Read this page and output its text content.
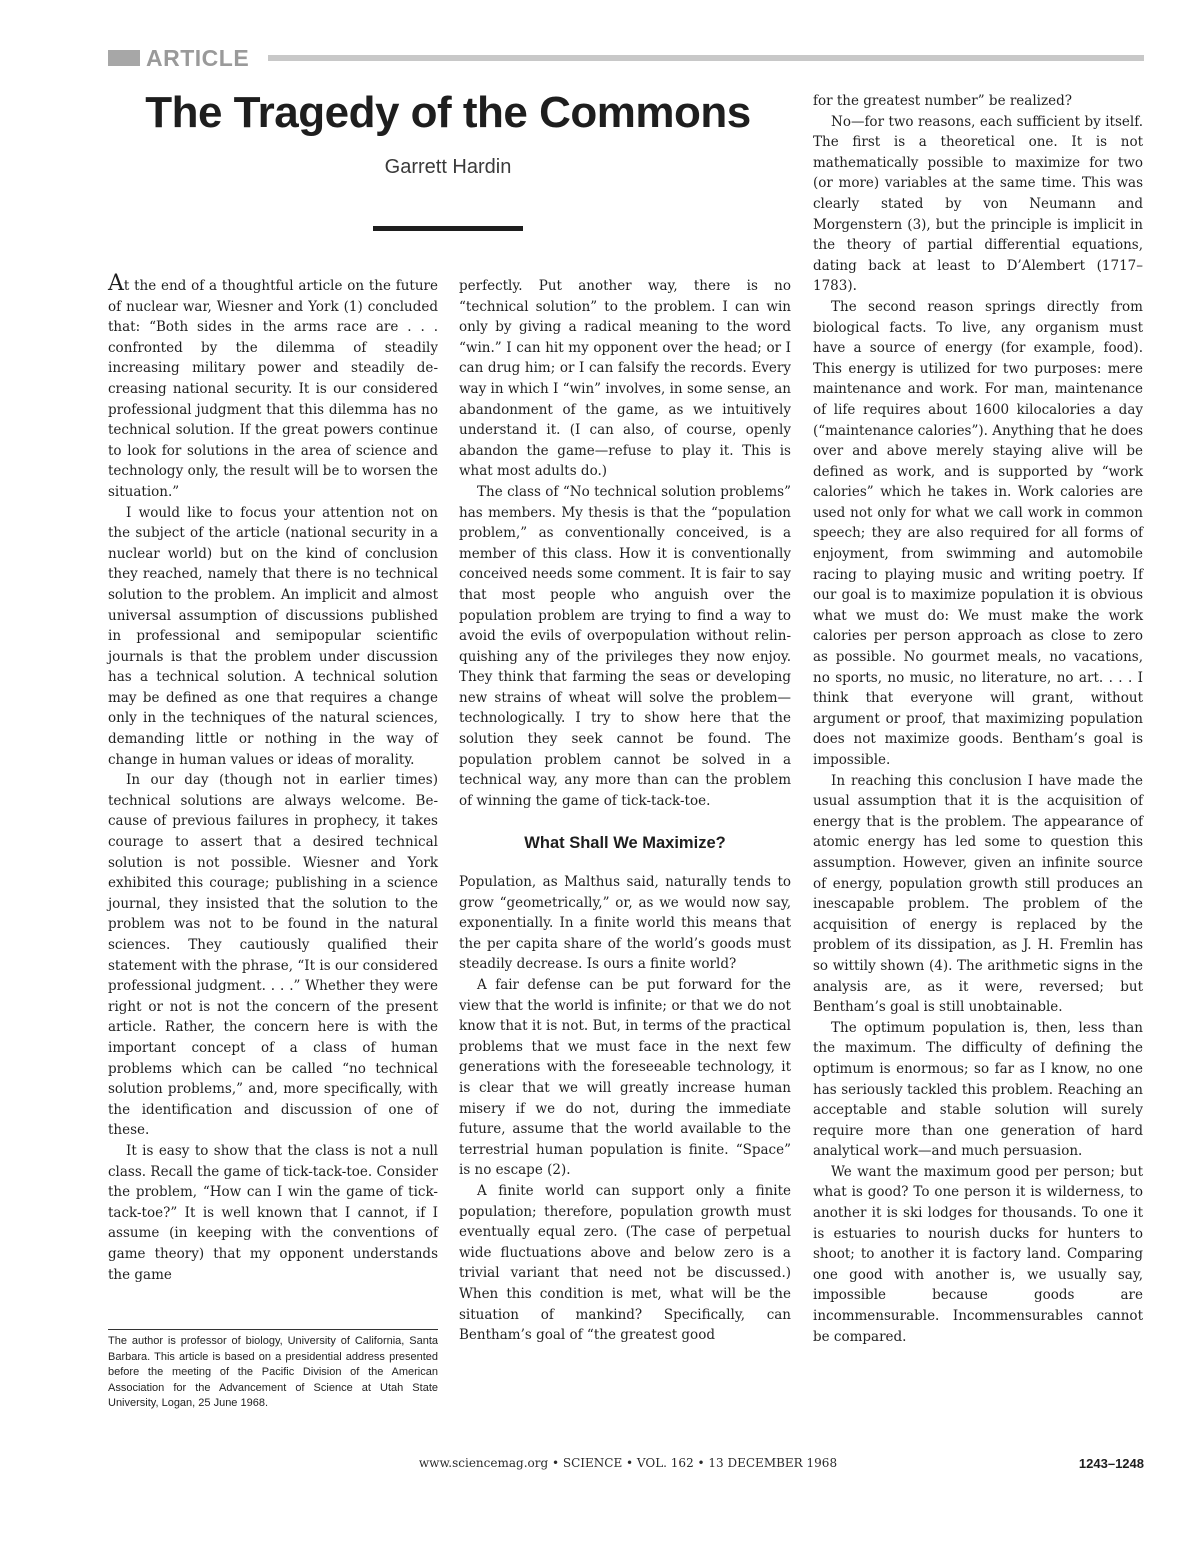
ARTICLE
The Tragedy of the Commons
Garrett Hardin

At the end of a thoughtful article on the future of nuclear war, Wiesner and York (1) concluded that: “Both sides in the arms race are . . . confronted by the dilemma of steadily increasing military power and steadily decreasing national security. It is our considered professional judgment that this dilemma has no technical solution. If the great powers continue to look for solutions in the area of science and technology only, the result will be to worsen the situation.”

I would like to focus your attention not on the subject of the article (national security in a nuclear world) but on the kind of conclusion they reached, namely that there is no technical solution to the problem. An implicit and almost universal assumption of discussions published in professional and semipopular scientific journals is that the problem under discussion has a technical solution. A technical solution may be defined as one that requires a change only in the techniques of the natural sciences, demanding little or nothing in the way of change in human values or ideas of morality.

In our day (though not in earlier times) technical solutions are always welcome. Because of previous failures in prophecy, it takes courage to assert that a desired technical solution is not possible. Wiesner and York exhibited this courage; publishing in a science journal, they insisted that the solution to the problem was not to be found in the natural sciences. They cautiously qualified their statement with the phrase, “It is our considered professional judgment. . . .” Whether they were right or not is not the concern of the present article. Rather, the concern here is with the important concept of a class of human problems which can be called “no technical solution problems,” and, more specifically, with the identification and discussion of one of these.

It is easy to show that the class is not a null class. Recall the game of tick-tack-toe. Consider the problem, “How can I win the game of tick-tack-toe?” It is well known that I cannot, if I assume (in keeping with the conventions of game theory) that my opponent understands the game

The author is professor of biology, University of California, Santa Barbara. This article is based on a presidential address presented before the meeting of the Pacific Division of the American Association for the Advancement of Science at Utah State University, Logan, 25 June 1968.

perfectly. Put another way, there is no “technical solution” to the problem. I can win only by giving a radical meaning to the word “win.” I can hit my opponent over the head; or I can drug him; or I can falsify the records. Every way in which I “win” involves, in some sense, an abandonment of the game, as we intuitively understand it. (I can also, of course, openly abandon the game—refuse to play it. This is what most adults do.)

The class of “No technical solution problems” has members. My thesis is that the “population problem,” as conventionally conceived, is a member of this class. How it is conventionally conceived needs some comment. It is fair to say that most people who anguish over the population problem are trying to find a way to avoid the evils of overpopulation without relinquishing any of the privileges they now enjoy. They think that farming the seas or developing new strains of wheat will solve the problem—technologically. I try to show here that the solution they seek cannot be found. The population problem cannot be solved in a technical way, any more than can the problem of winning the game of tick-tack-toe.

What Shall We Maximize?

Population, as Malthus said, naturally tends to grow “geometrically,” or, as we would now say, exponentially. In a finite world this means that the per capita share of the world’s goods must steadily decrease. Is ours a finite world?

A fair defense can be put forward for the view that the world is infinite; or that we do not know that it is not. But, in terms of the practical problems that we must face in the next few generations with the foreseeable technology, it is clear that we will greatly increase human misery if we do not, during the immediate future, assume that the world available to the terrestrial human population is finite. “Space” is no escape (2).

A finite world can support only a finite population; therefore, population growth must eventually equal zero. (The case of perpetual wide fluctuations above and below zero is a trivial variant that need not be discussed.) When this condition is met, what will be the situation of mankind? Specifically, can Bentham’s goal of “the greatest good

for the greatest number” be realized?

No—for two reasons, each sufficient by itself. The first is a theoretical one. It is not mathematically possible to maximize for two (or more) variables at the same time. This was clearly stated by von Neumann and Morgenstern (3), but the principle is implicit in the theory of partial differential equations, dating back at least to D’Alembert (1717–1783).

The second reason springs directly from biological facts. To live, any organism must have a source of energy (for example, food). This energy is utilized for two purposes: mere maintenance and work. For man, maintenance of life requires about 1600 kilocalories a day (“maintenance calories”). Anything that he does over and above merely staying alive will be defined as work, and is supported by “work calories” which he takes in. Work calories are used not only for what we call work in common speech; they are also required for all forms of enjoyment, from swimming and automobile racing to playing music and writing poetry. If our goal is to maximize population it is obvious what we must do: We must make the work calories per person approach as close to zero as possible. No gourmet meals, no vacations, no sports, no music, no literature, no art. . . . I think that everyone will grant, without argument or proof, that maximizing population does not maximize goods. Bentham’s goal is impossible.

In reaching this conclusion I have made the usual assumption that it is the acquisition of energy that is the problem. The appearance of atomic energy has led some to question this assumption. However, given an infinite source of energy, population growth still produces an inescapable problem. The problem of the acquisition of energy is replaced by the problem of its dissipation, as J. H. Fremlin has so wittily shown (4). The arithmetic signs in the analysis are, as it were, reversed; but Bentham’s goal is still unobtainable.

The optimum population is, then, less than the maximum. The difficulty of defining the optimum is enormous; so far as I know, no one has seriously tackled this problem. Reaching an acceptable and stable solution will surely require more than one generation of hard analytical work—and much persuasion.

We want the maximum good per person; but what is good? To one person it is wilderness, to another it is ski lodges for thousands. To one it is estuaries to nourish ducks for hunters to shoot; to another it is factory land. Comparing one good with another is, we usually say, impossible because goods are incommensurable. Incommensurables cannot be compared.

www.sciencemag.org • SCIENCE • VOL. 162 • 13 DECEMBER 1968	1243–1248
